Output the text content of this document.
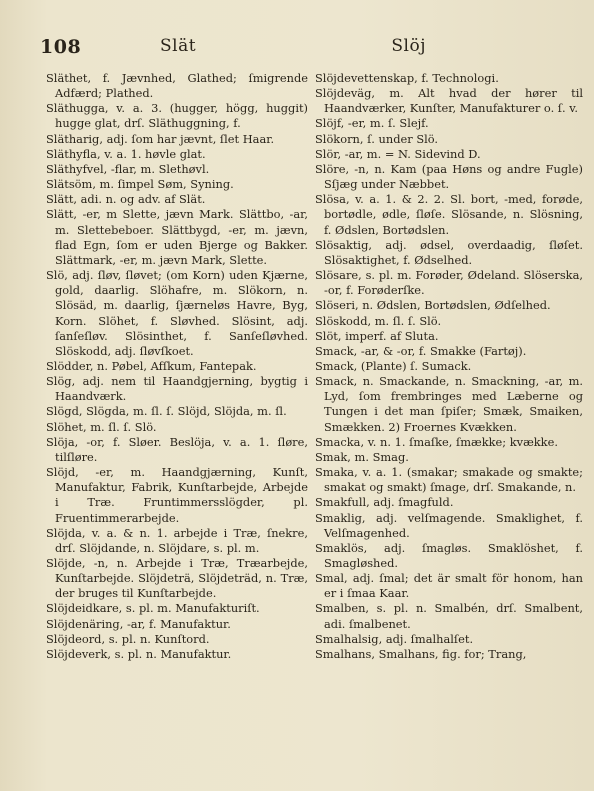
108	Slät	Slöj

Släthet, f. Jævnhed, Glathed; ſmigrende Adfærd; Plathed.

Släthugga, v. a. 3. (hugger, högg, huggit) hugge glat, drſ. Släthuggning, f.

Slätharig, adj. ſom har jævnt, ſlet Haar.

Släthyfla, v. a. 1. høvle glat.

Släthyfvel, -flar, m. Slethøvl.

Slätsöm, m. ſimpel Søm, Syning.

Slätt, adi. n. og adv. af Slät.

Slätt, -er, m Slette, jævn Mark. Slättbo, -ar, m. Slettebeboer. Slättbygd, -er, m. jævn, flad Egn, ſom er uden Bjerge og Bakker. Slättmark, -er, m. jævn Mark, Slette.

Slö, adj. ſløv, ſløvet; (om Korn) uden Kjærne, gold, daarlig. Slöhafre, m. Slökorn, n. Slösäd, m. daarlig, ſjærneløs Havre, Byg, Korn. Slöhet, f. Sløvhed. Slösint, adj. ſanſeſløv. Slösinthet, f. Sanſeſløvhed. Slöskodd, adj. ſløvſkoet.

Slödder, n. Pøbel, Afſkum, Fantepak.

Slög, adj. nem til Haandgjerning, bygtig i Haandværk.

Slögd, Slögda, m. ſl. ſ. Slöjd, Slöjda, m. ſl.

Slöhet, m. ſl. ſ. Slö.

Slöja, -or, f. Sløer. Beslöja, v. a. 1. ſløre, tilſløre.

Slöjd, -er, m. Haandgjærning, Kunſt, Manufaktur, Fabrik, Kunſtarbejde, Arbejde i Træ. Fruntimmersslögder, pl. Fruentimmerarbejde.

Slöjda, v. a. & n. 1. arbejde i Træ, ſnekre, drſ. Slöjdande, n. Slöjdare, s. pl. m.

Slöjde, -n, n. Arbejde i Træ, Træarbejde, Kunſtarbejde. Slöjdeträ, Slöjdeträd, n. Træ, der bruges til Kunſtarbejde.

Slöjdeidkare, s. pl. m. Manufakturiſt.

Slöjdenäring, -ar, f. Manufaktur.

Slöjdeord, s. pl. n. Kunſtord.

Slöjdeverk, s. pl. n. Manufaktur.

Slöjdevettenskap, f. Technologi.

Slöjdeväg, m. Alt hvad der hører til Haandværker, Kunſter, Manufakturer o. ſ. v.

Slöjf, -er, m. ſ. Slejf.

Slökorn, ſ. under Slö.

Slör, -ar, m. = N. Sidevind D.

Slöre, -n, n. Kam (paa Høns og andre Fugle) Sſjæg under Næbbet.

Slösa, v. a. 1. & 2. 2. Sl. bort, -med, forøde, bortødle, ødle, ſløſe. Slösande, n. Slösning, f. Ødslen, Bortødslen.

Slösaktig, adj. ødsel, overdaadig, ſløſet. Slösaktighet, f. Ødselhed.

Slösare, s. pl. m. Forøder, Ødeland. Slöserska, -or, f. Forøderſke.

Slöseri, n. Ødslen, Bortødslen, Ødſelhed.

Slöskodd, m. ſl. ſ. Slö.

Slöt, imperf. af Sluta.

Smack, -ar, & -or, f. Smakke (Fartøj).

Smack, (Plante) ſ. Sumack.

Smack, n. Smackande, n. Smackning, -ar, m. Lyd, ſom frembringes med Læberne og Tungen i det man ſpiſer; Smæk, Smaiken, Smækken. 2) Froernes Kvækken.

Smacka, v. n. 1. ſmaſke, ſmække; kvække.

Smak, m. Smag.

Smaka, v. a. 1. (smakar; smakade og smakte; smakat og smakt) ſmage, drſ. Smakande, n.

Smakfull, adj. ſmagfuld.

Smaklig, adj. velſmagende. Smaklighet, f. Velſmagenhed.

Smaklös, adj. ſmagløs. Smaklöshet, f. Smagløshed.

Smal, adj. ſmal; det är smalt för honom, han er i ſmaa Kaar.

Smalben, s. pl. n. Smalbén, drſ. Smalbent, adi. ſmalbenet.

Smalhalsig, adj. ſmalhalſet.

Smalhans, Smalhans, fig. for; Trang,
